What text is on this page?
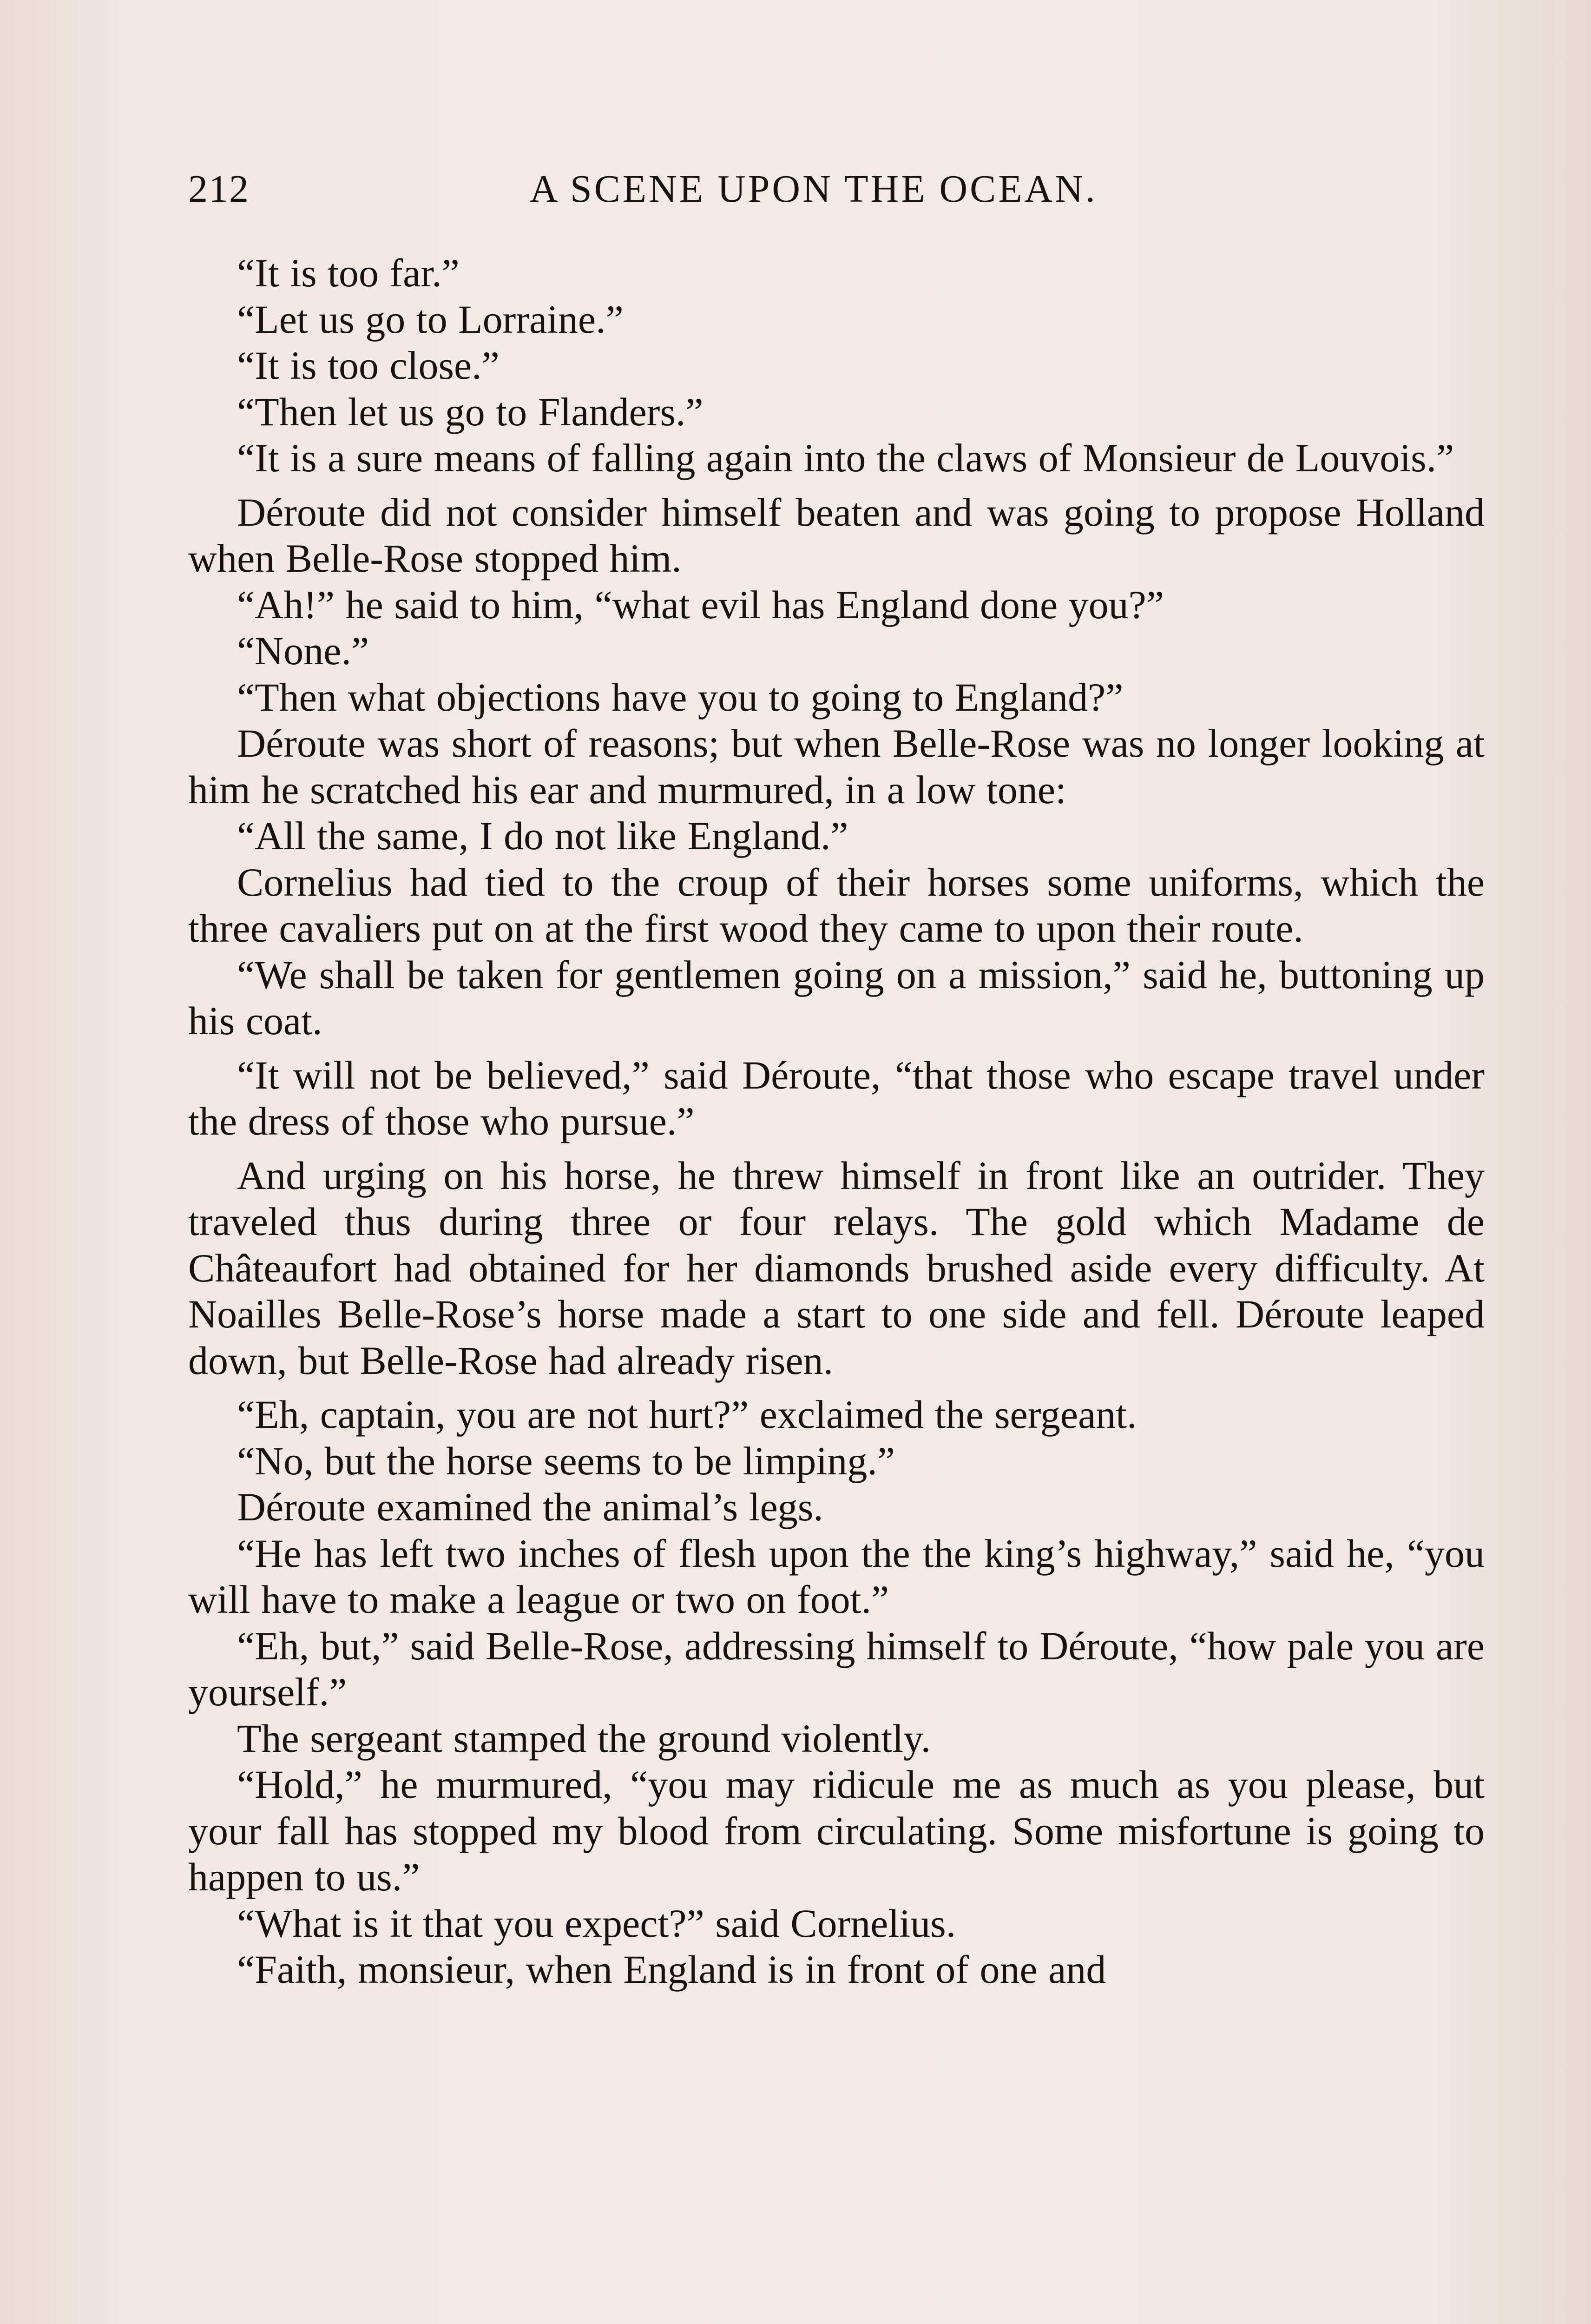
212	A SCENE UPON THE OCEAN.

“It is too far.”

“Let us go to Lorraine.”

“It is too close.”

“Then let us go to Flanders.”

“It is a sure means of falling again into the claws of Monsieur de Louvois.”

Déroute did not consider himself beaten and was going to propose Holland when Belle-Rose stopped him.

“Ah!” he said to him, “what evil has England done you?”

“None.”

“Then what objections have you to going to England?”

Déroute was short of reasons; but when Belle-Rose was no longer looking at him he scratched his ear and murmured, in a low tone:

“All the same, I do not like England.”

Cornelius had tied to the croup of their horses some uniforms, which the three cavaliers put on at the first wood they came to upon their route.

“We shall be taken for gentlemen going on a mission,” said he, buttoning up his coat.

“It will not be believed,” said Déroute, “that those who escape travel under the dress of those who pursue.”

And urging on his horse, he threw himself in front like an outrider. They traveled thus during three or four relays. The gold which Madame de Châteaufort had obtained for her diamonds brushed aside every difficulty. At Noailles Belle-Rose’s horse made a start to one side and fell. Déroute leaped down, but Belle-Rose had already risen.

“Eh, captain, you are not hurt?” exclaimed the sergeant.

“No, but the horse seems to be limping.”

Déroute examined the animal’s legs.

“He has left two inches of flesh upon the the king’s highway,” said he, “you will have to make a league or two on foot.”

“Eh, but,” said Belle-Rose, addressing himself to Déroute, “how pale you are yourself.”

The sergeant stamped the ground violently.

“Hold,” he murmured, “you may ridicule me as much as you please, but your fall has stopped my blood from circulating. Some misfortune is going to happen to us.”

“What is it that you expect?” said Cornelius.

“Faith, monsieur, when England is in front of one and
